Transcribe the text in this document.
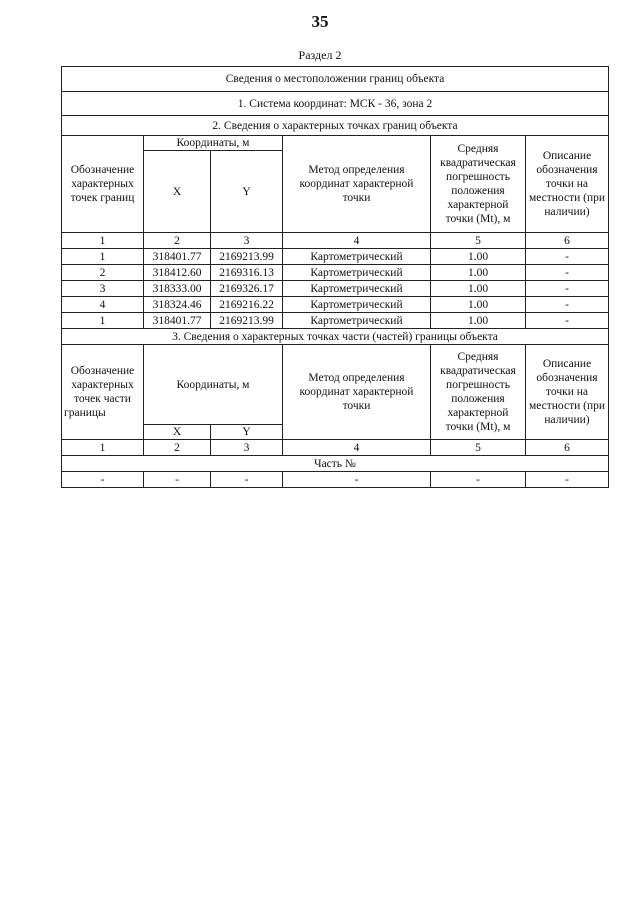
35
Раздел 2
Сведения о местоположении границ объекта					
1. Система координат: МСК - 36, зона 2					
2. Сведения о характерных точках границ объекта					
Обозначение характерных точек границ	Координаты, м		Метод определения координат характерной точки	Средняя квадратическая погрешность положения характерной точки (Mt), м	Описание обозначения точки на местности (при наличии)
	X	Y			
1	2	3	4	5	6
1	318401.77	2169213.99	Картометрический	1.00	-
2	318412.60	2169316.13	Картометрический	1.00	-
3	318333.00	2169326.17	Картометрический	1.00	-
4	318324.46	2169216.22	Картометрический	1.00	-
1	318401.77	2169213.99	Картометрический	1.00	-
3. Сведения о характерных точках части (частей) границы объекта					
Обозначение характерных точек части границы	Координаты, м		Метод определения координат характерной точки	Средняя квадратическая погрешность положения характерной точки (Mt), м	Описание обозначения точки на местности (при наличии)
	X	Y			
1	2	3	4	5	6
Часть №					
-	-	-	-	-	-
